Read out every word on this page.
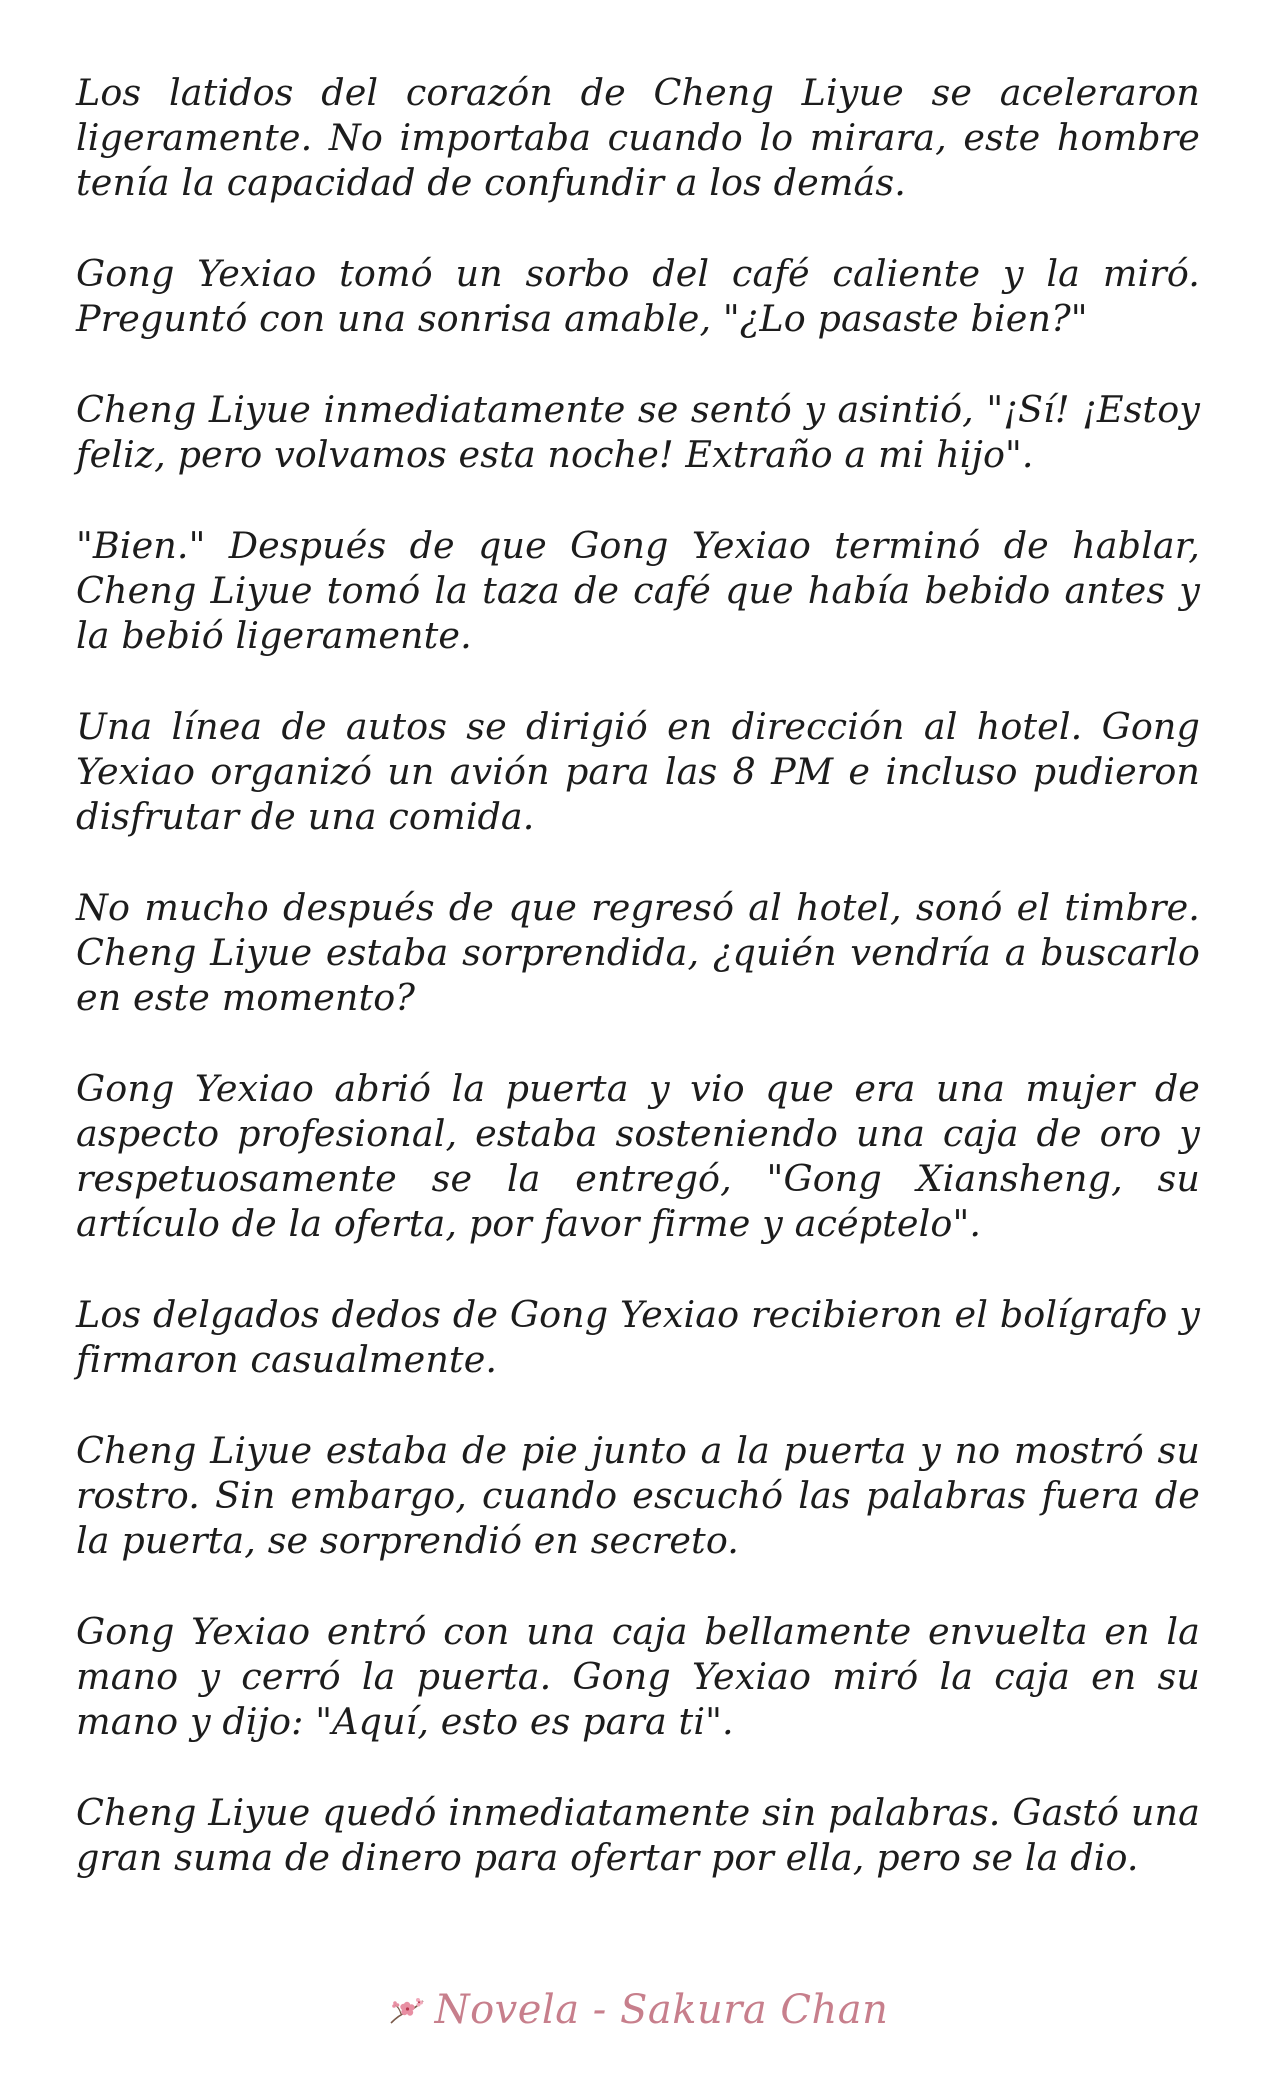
Los latidos del corazón de Cheng Liyue se aceleraron ligeramente. No importaba cuando lo mirara, este hombre tenía la capacidad de confundir a los demás.

Gong Yexiao tomó un sorbo del café caliente y la miró. Preguntó con una sonrisa amable, "¿Lo pasaste bien?"

Cheng Liyue inmediatamente se sentó y asintió, "¡Sí! ¡Estoy feliz, pero volvamos esta noche! Extraño a mi hijo".

"Bien." Después de que Gong Yexiao terminó de hablar, Cheng Liyue tomó la taza de café que había bebido antes y la bebió ligeramente.

Una línea de autos se dirigió en dirección al hotel. Gong Yexiao organizó un avión para las 8 PM e incluso pudieron disfrutar de una comida.

No mucho después de que regresó al hotel, sonó el timbre. Cheng Liyue estaba sorprendida, ¿quién vendría a buscarlo en este momento?

Gong Yexiao abrió la puerta y vio que era una mujer de aspecto profesional, estaba sosteniendo una caja de oro y respetuosamente se la entregó, "Gong Xiansheng, su artículo de la oferta, por favor firme y acéptelo".

Los delgados dedos de Gong Yexiao recibieron el bolígrafo y firmaron casualmente.

Cheng Liyue estaba de pie junto a la puerta y no mostró su rostro. Sin embargo, cuando escuchó las palabras fuera de la puerta, se sorprendió en secreto.

Gong Yexiao entró con una caja bellamente envuelta en la mano y cerró la puerta. Gong Yexiao miró la caja en su mano y dijo: "Aquí, esto es para ti".

Cheng Liyue quedó inmediatamente sin palabras. Gastó una gran suma de dinero para ofertar por ella, pero se la dio.

Novela - Sakura Chan
